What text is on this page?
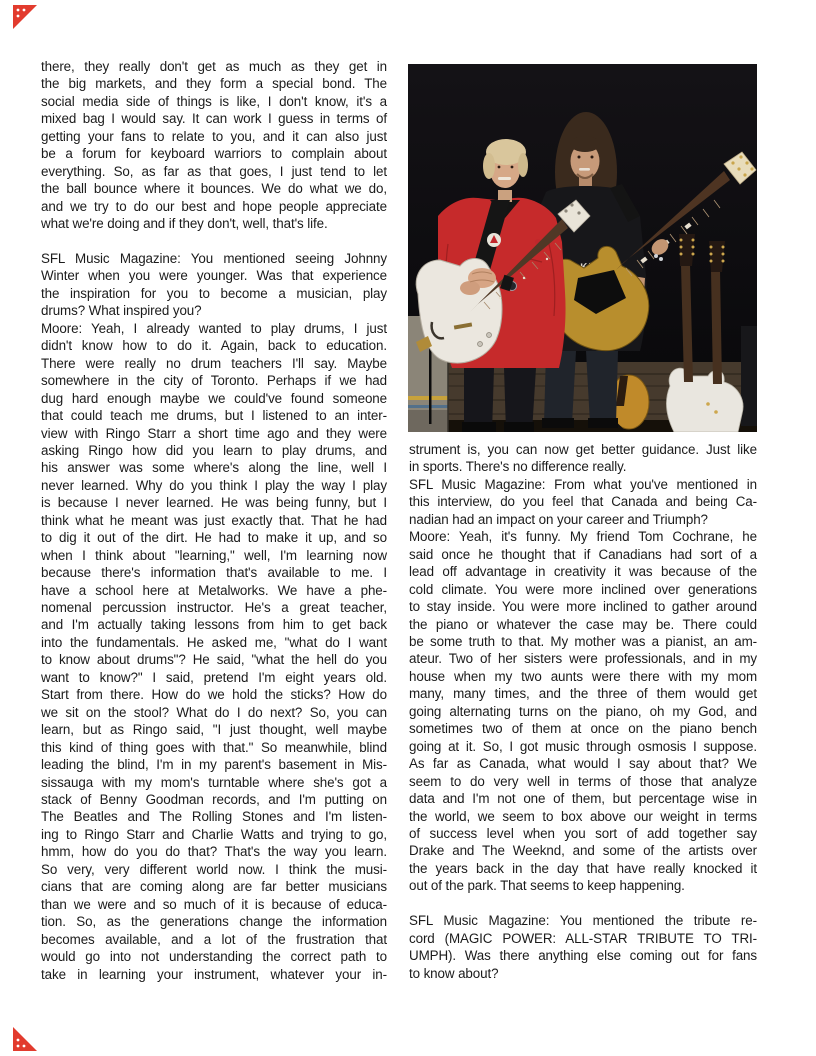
there, they really don't get as much as they get in
the big markets, and they form a special bond. The
social media side of things is like, I don't know, it's a
mixed bag I would say. It can work I guess in terms of
getting your fans to relate to you, and it can also just
be a forum for keyboard warriors to complain about
everything. So, as far as that goes, I just tend to let
the ball bounce where it bounces. We do what we do,
and we try to do our best and hope people appreciate
what we're doing and if they don't, well, that's life.
SFL Music Magazine: You mentioned seeing Johnny
Winter when you were younger. Was that experience
the inspiration for you to become a musician, play
drums? What inspired you?
Moore: Yeah, I already wanted to play drums, I just
didn't know how to do it. Again, back to education.
There were really no drum teachers I'll say. Maybe
somewhere in the city of Toronto. Perhaps if we had
dug hard enough maybe we could've found someone
that could teach me drums, but I listened to an inter-
view with Ringo Starr a short time ago and they were
asking Ringo how did you learn to play drums, and
his answer was some where's along the line, well I
never learned. Why do you think I play the way I play
is because I never learned. He was being funny, but I
think what he meant was just exactly that. That he had
to dig it out of the dirt. He had to make it up, and so
when I think about "learning," well, I'm learning now
because there's information that's available to me. I
have a school here at Metalworks. We have a phe-
nomenal percussion instructor. He's a great teacher,
and I'm actually taking lessons from him to get back
into the fundamentals. He asked me, "what do I want
to know about drums"? He said, "what the hell do you
want to know?" I said, pretend I'm eight years old.
Start from there. How do we hold the sticks? How do
we sit on the stool? What do I do next? So, you can
learn, but as Ringo said, "I just thought, well maybe
this kind of thing goes with that." So meanwhile, blind
leading the blind, I'm in my parent's basement in Mis-
sissauga with my mom's turntable where she's got a
stack of Benny Goodman records, and I'm putting on
The Beatles and The Rolling Stones and I'm listen-
ing to Ringo Starr and Charlie Watts and trying to go,
hmm, how do you do that? That's the way you learn.
So very, very different world now. I think the musi-
cians that are coming along are far better musicians
than we were and so much of it is because of educa-
tion. So, as the generations change the information
becomes available, and a lot of the frustration that
would go into not understanding the correct path to
take in learning your instrument, whatever your in-
strument is, you can now get better guidance. Just like
in sports. There's no difference really.
SFL Music Magazine: From what you've mentioned in
this interview, do you feel that Canada and being Ca-
nadian had an impact on your career and Triumph?
Moore: Yeah, it's funny. My friend Tom Cochrane, he
said once he thought that if Canadians had sort of a
lead off advantage in creativity it was because of the
cold climate. You were more inclined over generations
to stay inside. You were more inclined to gather around
the piano or whatever the case may be. There could
be some truth to that. My mother was a pianist, an am-
ateur. Two of her sisters were professionals, and in my
house when my two aunts were there with my mom
many, many times, and the three of them would get
going alternating turns on the piano, oh my God, and
sometimes two of them at once on the piano bench
going at it. So, I got music through osmosis I suppose.
As far as Canada, what would I say about that? We
seem to do very well in terms of those that analyze
data and I'm not one of them, but percentage wise in
the world, we seem to box above our weight in terms
of success level when you sort of add together say
Drake and The Weeknd, and some of the artists over
the years back in the day that have really knocked it
out of the park. That seems to keep happening.
SFL Music Magazine: You mentioned the tribute re-
cord (MAGIC POWER: ALL-STAR TRIBUTE TO TRI-
UMPH). Was there anything else coming out for fans
to know about?
